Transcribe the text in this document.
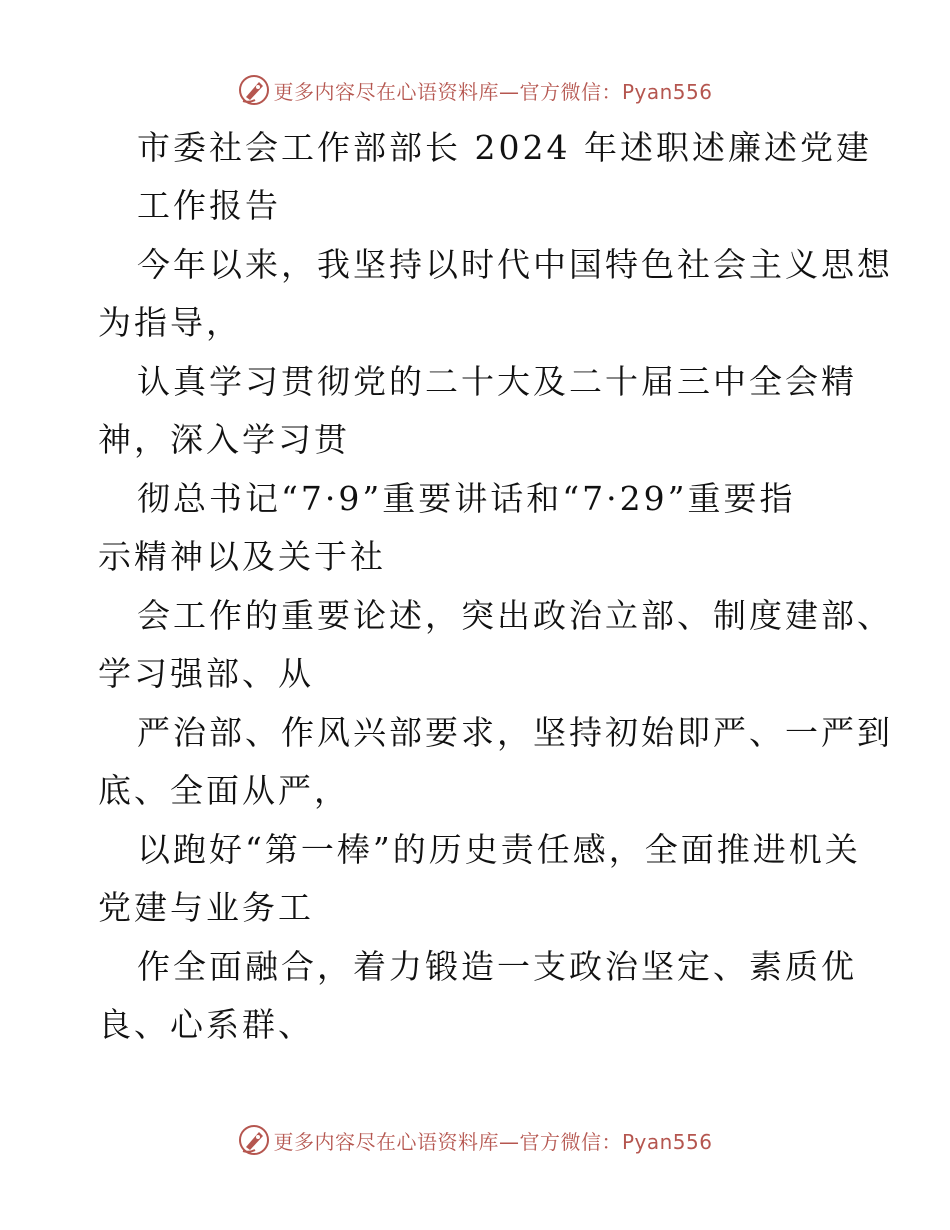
更多内容尽在心语资料库—官方微信：Pyan556
市委社会工作部部长 2024 年述职述廉述党建
工作报告
今年以来，我坚持以时代中国特色社会主义思想
为指导，
认真学习贯彻党的二十大及二十届三中全会精
神，深入学习贯
彻总书记“7·9”重要讲话和“7·29”重要指
示精神以及关于社
会工作的重要论述，突出政治立部、制度建部、
学习强部、从
严治部、作风兴部要求，坚持初始即严、一严到
底、全面从严，
以跑好“第一棒”的历史责任感，全面推进机关
党建与业务工
作全面融合，着力锻造一支政治坚定、素质优
良、心系群、
更多内容尽在心语资料库—官方微信：Pyan556
